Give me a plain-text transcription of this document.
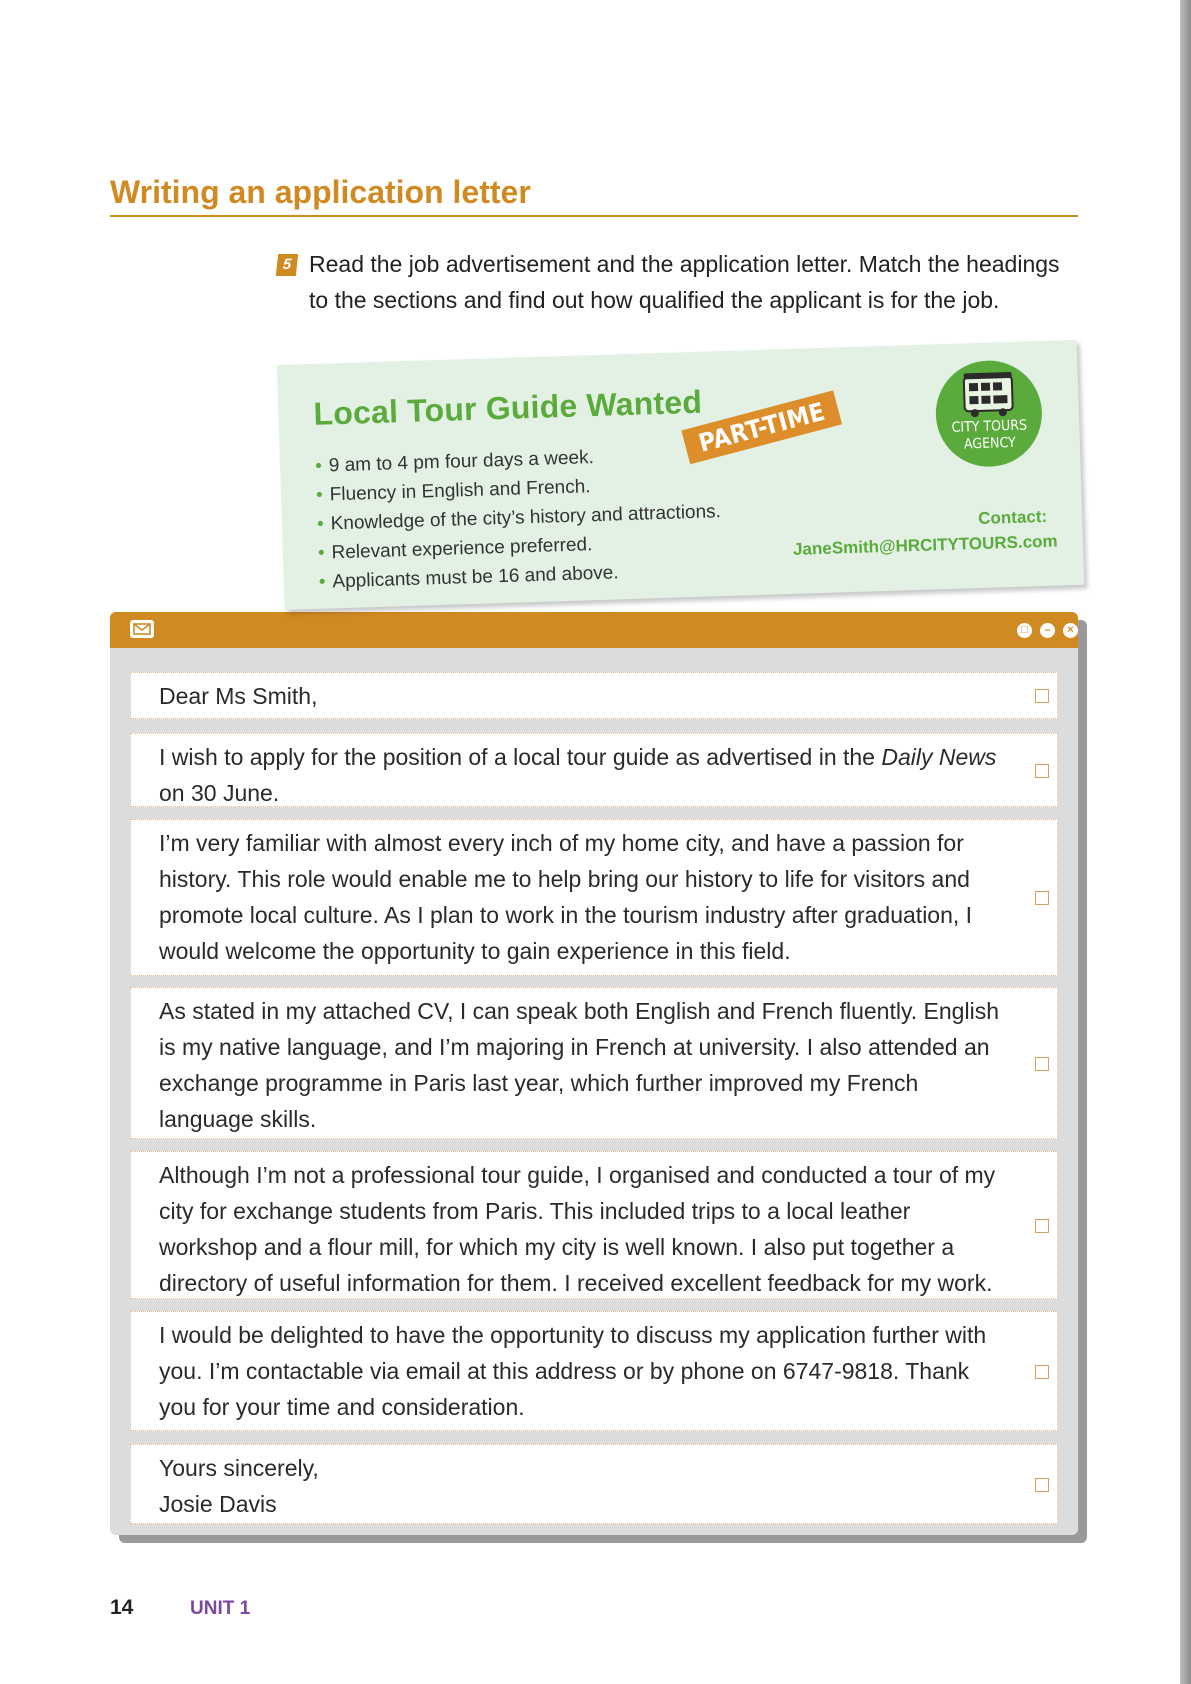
Writing an application letter
5 Read the job advertisement and the application letter. Match the headings to the sections and find out how qualified the applicant is for the job.

Local Tour Guide Wanted
• 9 am to 4 pm four days a week.
• Fluency in English and French.
• Knowledge of the city’s history and attractions.
• Relevant experience preferred.
• Applicants must be 16 and above.
PART-TIME	CITY TOURS
AGENCY
Contact:
JaneSmith@HRCITYTOURS.com
□	–	×

Dear Ms Smith,

I wish to apply for the position of a local tour guide as advertised in the Daily News on 30 June.

I’m very familiar with almost every inch of my home city, and have a passion for history. This role would enable me to help bring our history to life for visitors and promote local culture. As I plan to work in the tourism industry after graduation, I would welcome the opportunity to gain experience in this field.

As stated in my attached CV, I can speak both English and French fluently. English is my native language, and I’m majoring in French at university. I also attended an exchange programme in Paris last year, which further improved my French language skills.

Although I’m not a professional tour guide, I organised and conducted a tour of my city for exchange students from Paris. This included trips to a local leather workshop and a flour mill, for which my city is well known. I also put together a directory of useful information for them. I received excellent feedback for my work.

I would be delighted to have the opportunity to discuss my application further with you. I’m contactable via email at this address or by phone on 6747-9818. Thank you for your time and consideration.

Yours sincerely,
Josie Davis

14	UNIT 1
